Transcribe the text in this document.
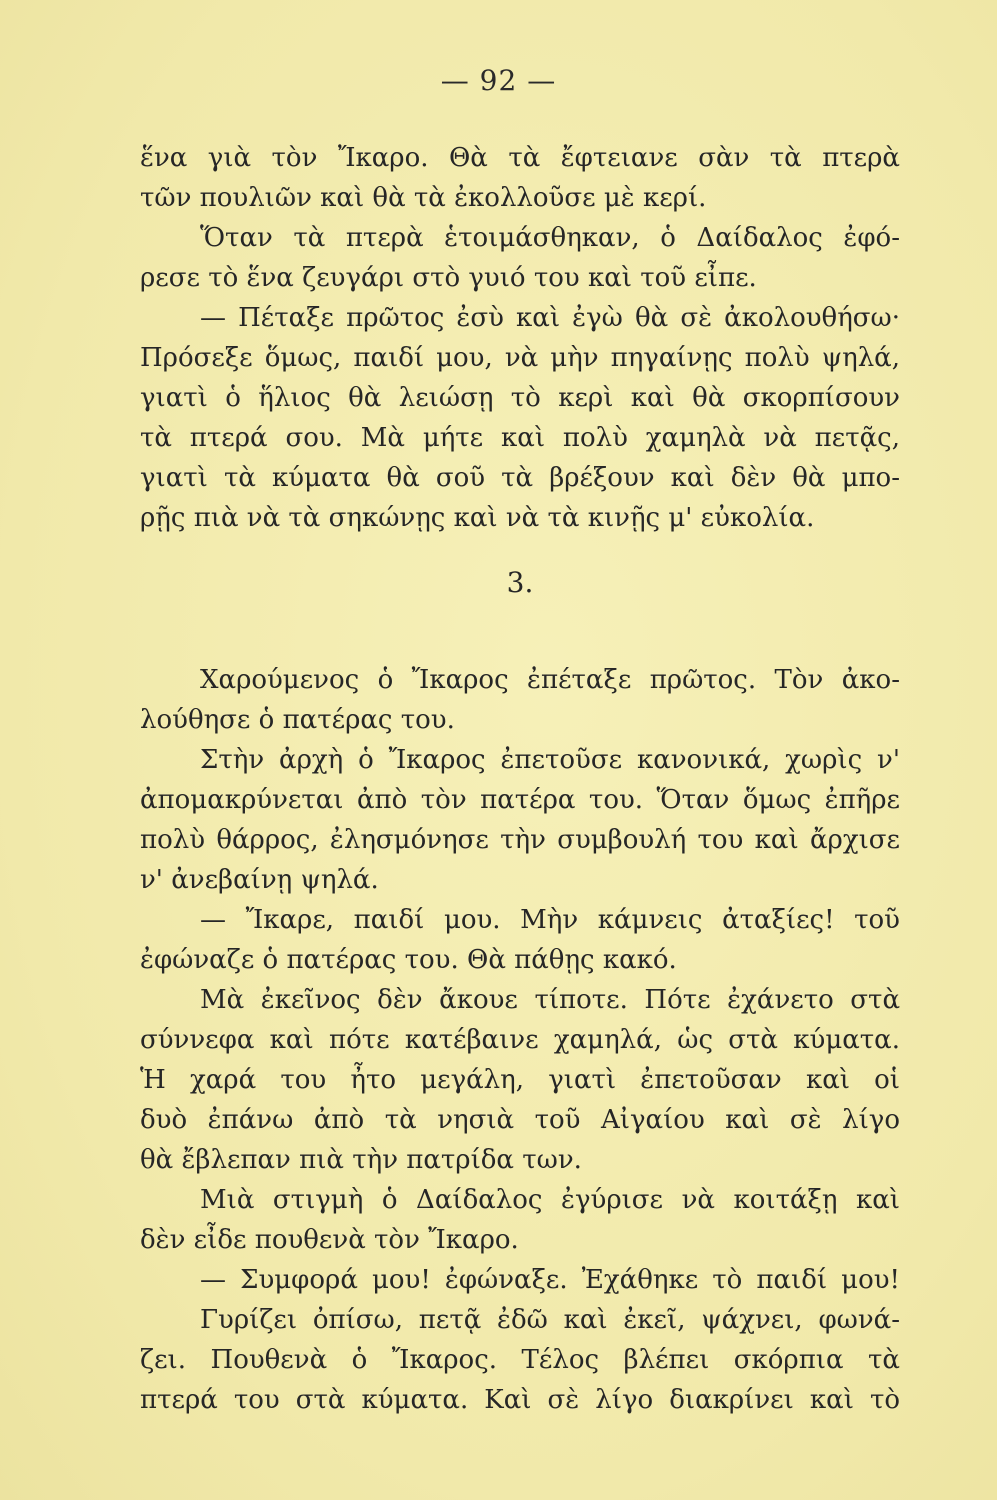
— 92 —
ἕνα γιὰ τὸν Ἴκαρο. Θὰ τὰ ἔφτειανε σὰν τὰ πτερὰ
τῶν πουλιῶν καὶ θὰ τὰ ἐκολλοῦσε μὲ κερί.
Ὅταν τὰ πτερὰ ἑτοιμάσθηκαν, ὁ Δαίδαλος ἐφό-
ρεσε τὸ ἕνα ζευγάρι στὸ γυιό του καὶ τοῦ εἶπε.
— Πέταξε πρῶτος ἐσὺ καὶ ἐγὼ θὰ σὲ ἀκολουθήσω·
Πρόσεξε ὅμως, παιδί μου, νὰ μὴν πηγαίνῃς πολὺ ψηλά,
γιατὶ ὁ ἥλιος θὰ λειώσῃ τὸ κερὶ καὶ θὰ σκορπίσουν
τὰ πτερά σου. Μὰ μήτε καὶ πολὺ χαμηλὰ νὰ πετᾷς,
γιατὶ τὰ κύματα θὰ σοῦ τὰ βρέξουν καὶ δὲν θὰ μπο-
ρῇς πιὰ νὰ τὰ σηκώνῃς καὶ νὰ τὰ κινῇς μ' εὐκολία.
3.
Χαρούμενος ὁ Ἴκαρος ἐπέταξε πρῶτος. Τὸν ἀκο-
λούθησε ὁ πατέρας του.
Στὴν ἀρχὴ ὁ Ἴκαρος ἐπετοῦσε κανονικά, χωρὶς ν'
ἀπομακρύνεται ἀπὸ τὸν πατέρα του. Ὅταν ὅμως ἐπῆρε
πολὺ θάρρος, ἐλησμόνησε τὴν συμβουλή του καὶ ἄρχισε
ν' ἀνεβαίνῃ ψηλά.
— Ἴκαρε, παιδί μου. Μὴν κάμνεις ἀταξίες! τοῦ
ἐφώναζε ὁ πατέρας του. Θὰ πάθῃς κακό.
Μὰ ἐκεῖνος δὲν ἄκουε τίποτε. Πότε ἐχάνετο στὰ
σύννεφα καὶ πότε κατέβαινε χαμηλά, ὡς στὰ κύματα.
Ἡ χαρά του ἦτο μεγάλη, γιατὶ ἐπετοῦσαν καὶ οἱ
δυὸ ἐπάνω ἀπὸ τὰ νησιὰ τοῦ Αἰγαίου καὶ σὲ λίγο
θὰ ἔβλεπαν πιὰ τὴν πατρίδα των.
Μιὰ στιγμὴ ὁ Δαίδαλος ἐγύρισε νὰ κοιτάξῃ καὶ
δὲν εἶδε πουθενὰ τὸν Ἴκαρο.
— Συμφορά μου! ἐφώναξε. Ἐχάθηκε τὸ παιδί μου!
Γυρίζει ὀπίσω, πετᾷ ἐδῶ καὶ ἐκεῖ, ψάχνει, φωνά-
ζει. Πουθενὰ ὁ Ἴκαρος. Τέλος βλέπει σκόρπια τὰ
πτερά του στὰ κύματα. Καὶ σὲ λίγο διακρίνει καὶ τὸ
